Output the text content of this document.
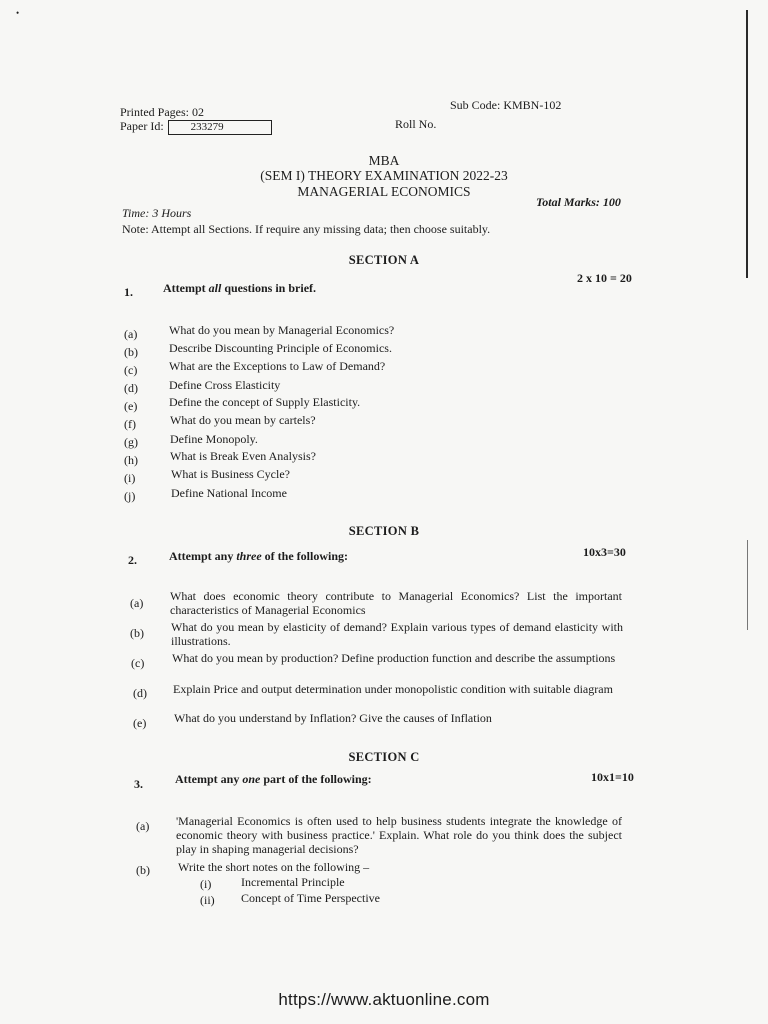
•
Printed Pages: 02
Paper Id: 233279
Sub Code: KMBN-102
Roll No.
MBA
(SEM I) THEORY EXAMINATION 2022-23
MANAGERIAL ECONOMICS
Time: 3 Hours
Total Marks: 100
Note: Attempt all Sections. If require any missing data; then choose suitably.
SECTION A
1.	Attempt all questions in brief.
2 x 10 = 20
(a)	What do you mean by Managerial Economics?
(b)	Describe Discounting Principle of Economics.
(c)	What are the Exceptions to Law of Demand?
(d)	Define Cross Elasticity
(e)	Define the concept of Supply Elasticity.
(f)	What do you mean by cartels?
(g)	Define Monopoly.
(h)	What is Break Even Analysis?
(i)	What is Business Cycle?
(j)	Define National Income
SECTION B
2.	Attempt any three of the following:	10x3=30
(a) What does economic theory contribute to Managerial Economics? List the important characteristics of Managerial Economics
(b) What do you mean by elasticity of demand? Explain various types of demand elasticity with illustrations.
(c) What do you mean by production? Define production function and describe the assumptions
(d) Explain Price and output determination under monopolistic condition with suitable diagram
(e) What do you understand by Inflation? Give the causes of Inflation
SECTION C
3.	Attempt any one part of the following:	10x1=10
(a) 'Managerial Economics is often used to help business students integrate the knowledge of economic theory with business practice.' Explain. What role do you think does the subject play in shaping managerial decisions?
(b) Write the short notes on the following –
(i) Incremental Principle
(ii) Concept of Time Perspective
https://www.aktuonline.com
